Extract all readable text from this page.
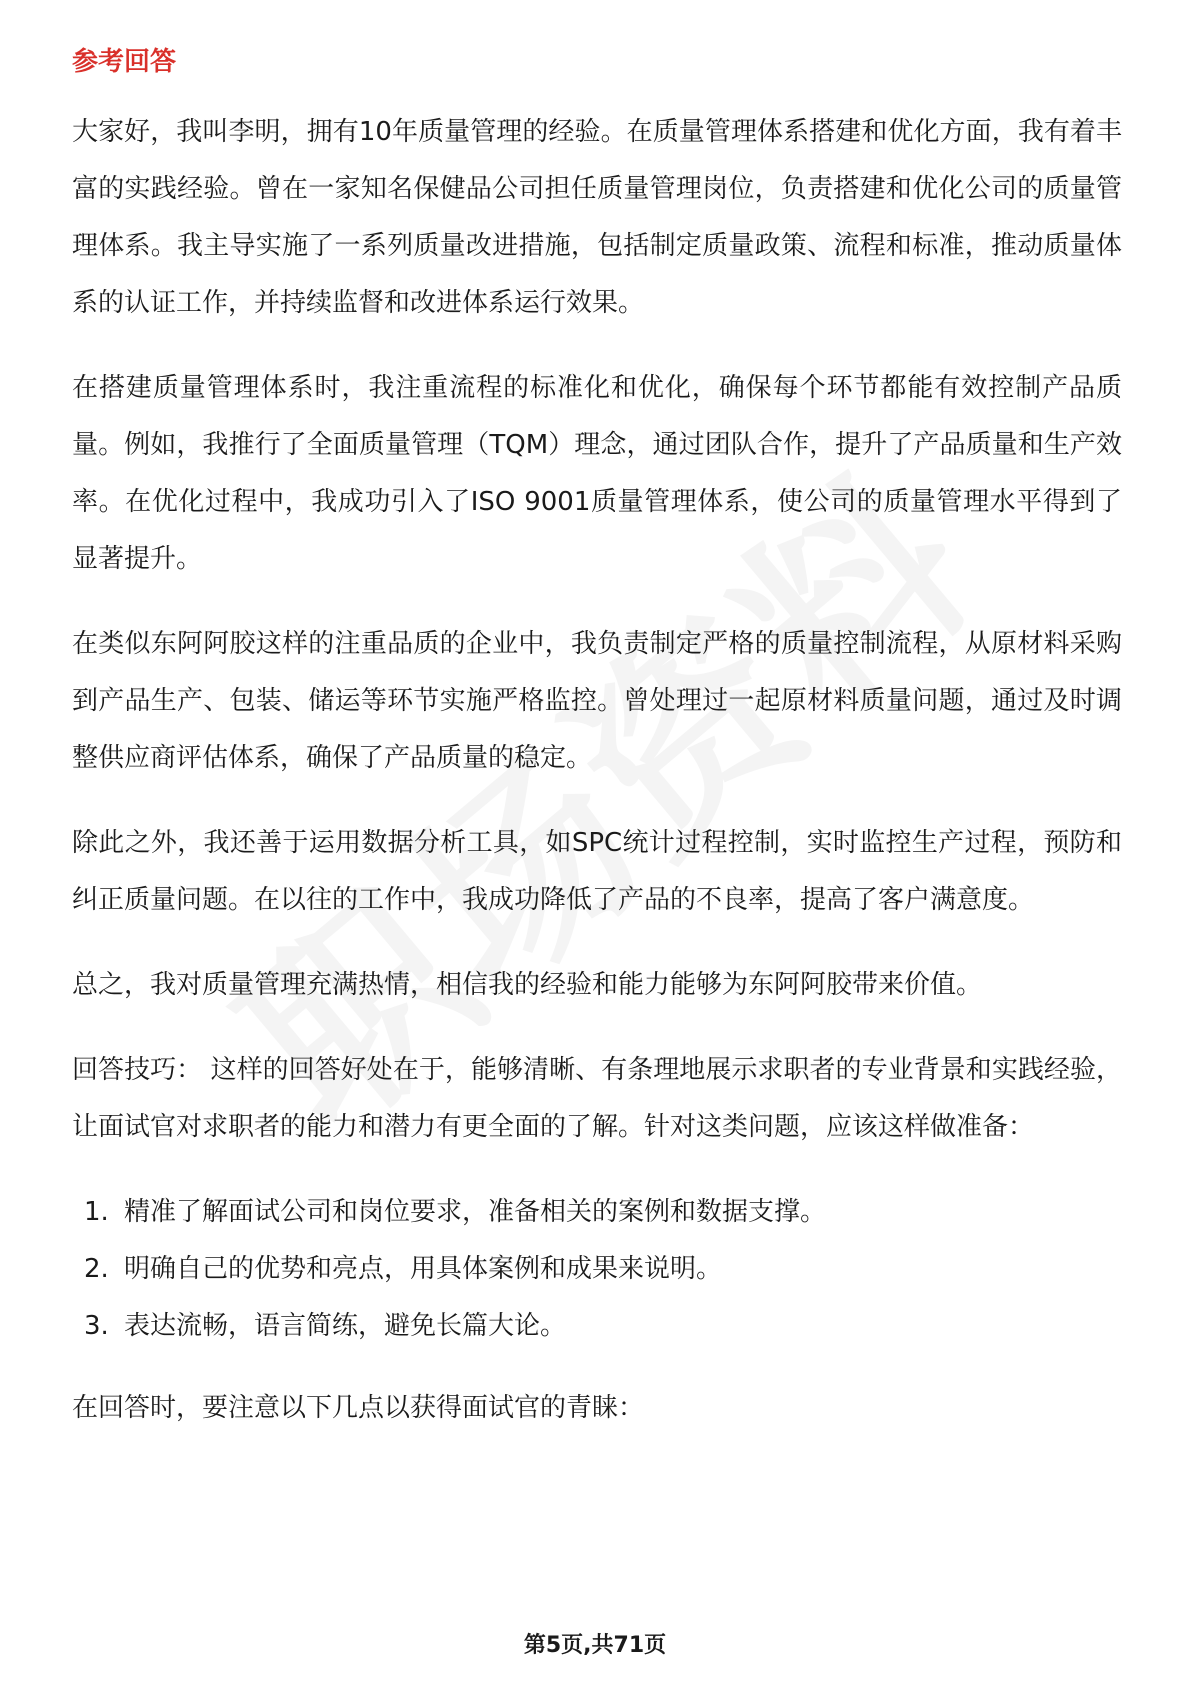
参考回答

大家好，我叫李明，拥有10年质量管理的经验。在质量管理体系搭建和优化方面，我有着丰富的实践经验。曾在一家知名保健品公司担任质量管理岗位，负责搭建和优化公司的质量管理体系。我主导实施了一系列质量改进措施，包括制定质量政策、流程和标准，推动质量体系的认证工作，并持续监督和改进体系运行效果。

在搭建质量管理体系时，我注重流程的标准化和优化，确保每个环节都能有效控制产品质量。例如，我推行了全面质量管理（TQM）理念，通过团队合作，提升了产品质量和生产效率。在优化过程中，我成功引入了ISO 9001质量管理体系，使公司的质量管理水平得到了显著提升。

在类似东阿阿胶这样的注重品质的企业中，我负责制定严格的质量控制流程，从原材料采购到产品生产、包装、储运等环节实施严格监控。曾处理过一起原材料质量问题，通过及时调整供应商评估体系，确保了产品质量的稳定。

除此之外，我还善于运用数据分析工具，如SPC统计过程控制，实时监控生产过程，预防和纠正质量问题。在以往的工作中，我成功降低了产品的不良率，提高了客户满意度。

总之，我对质量管理充满热情，相信我的经验和能力能够为东阿阿胶带来价值。

回答技巧： 这样的回答好处在于，能够清晰、有条理地展示求职者的专业背景和实践经验，让面试官对求职者的能力和潜力有更全面的了解。针对这类问题，应该这样做准备：

1. 精准了解面试公司和岗位要求，准备相关的案例和数据支撑。
2. 明确自己的优势和亮点，用具体案例和成果来说明。
3. 表达流畅，语言简练，避免长篇大论。

在回答时，要注意以下几点以获得面试官的青睐：

第5页,共71页
